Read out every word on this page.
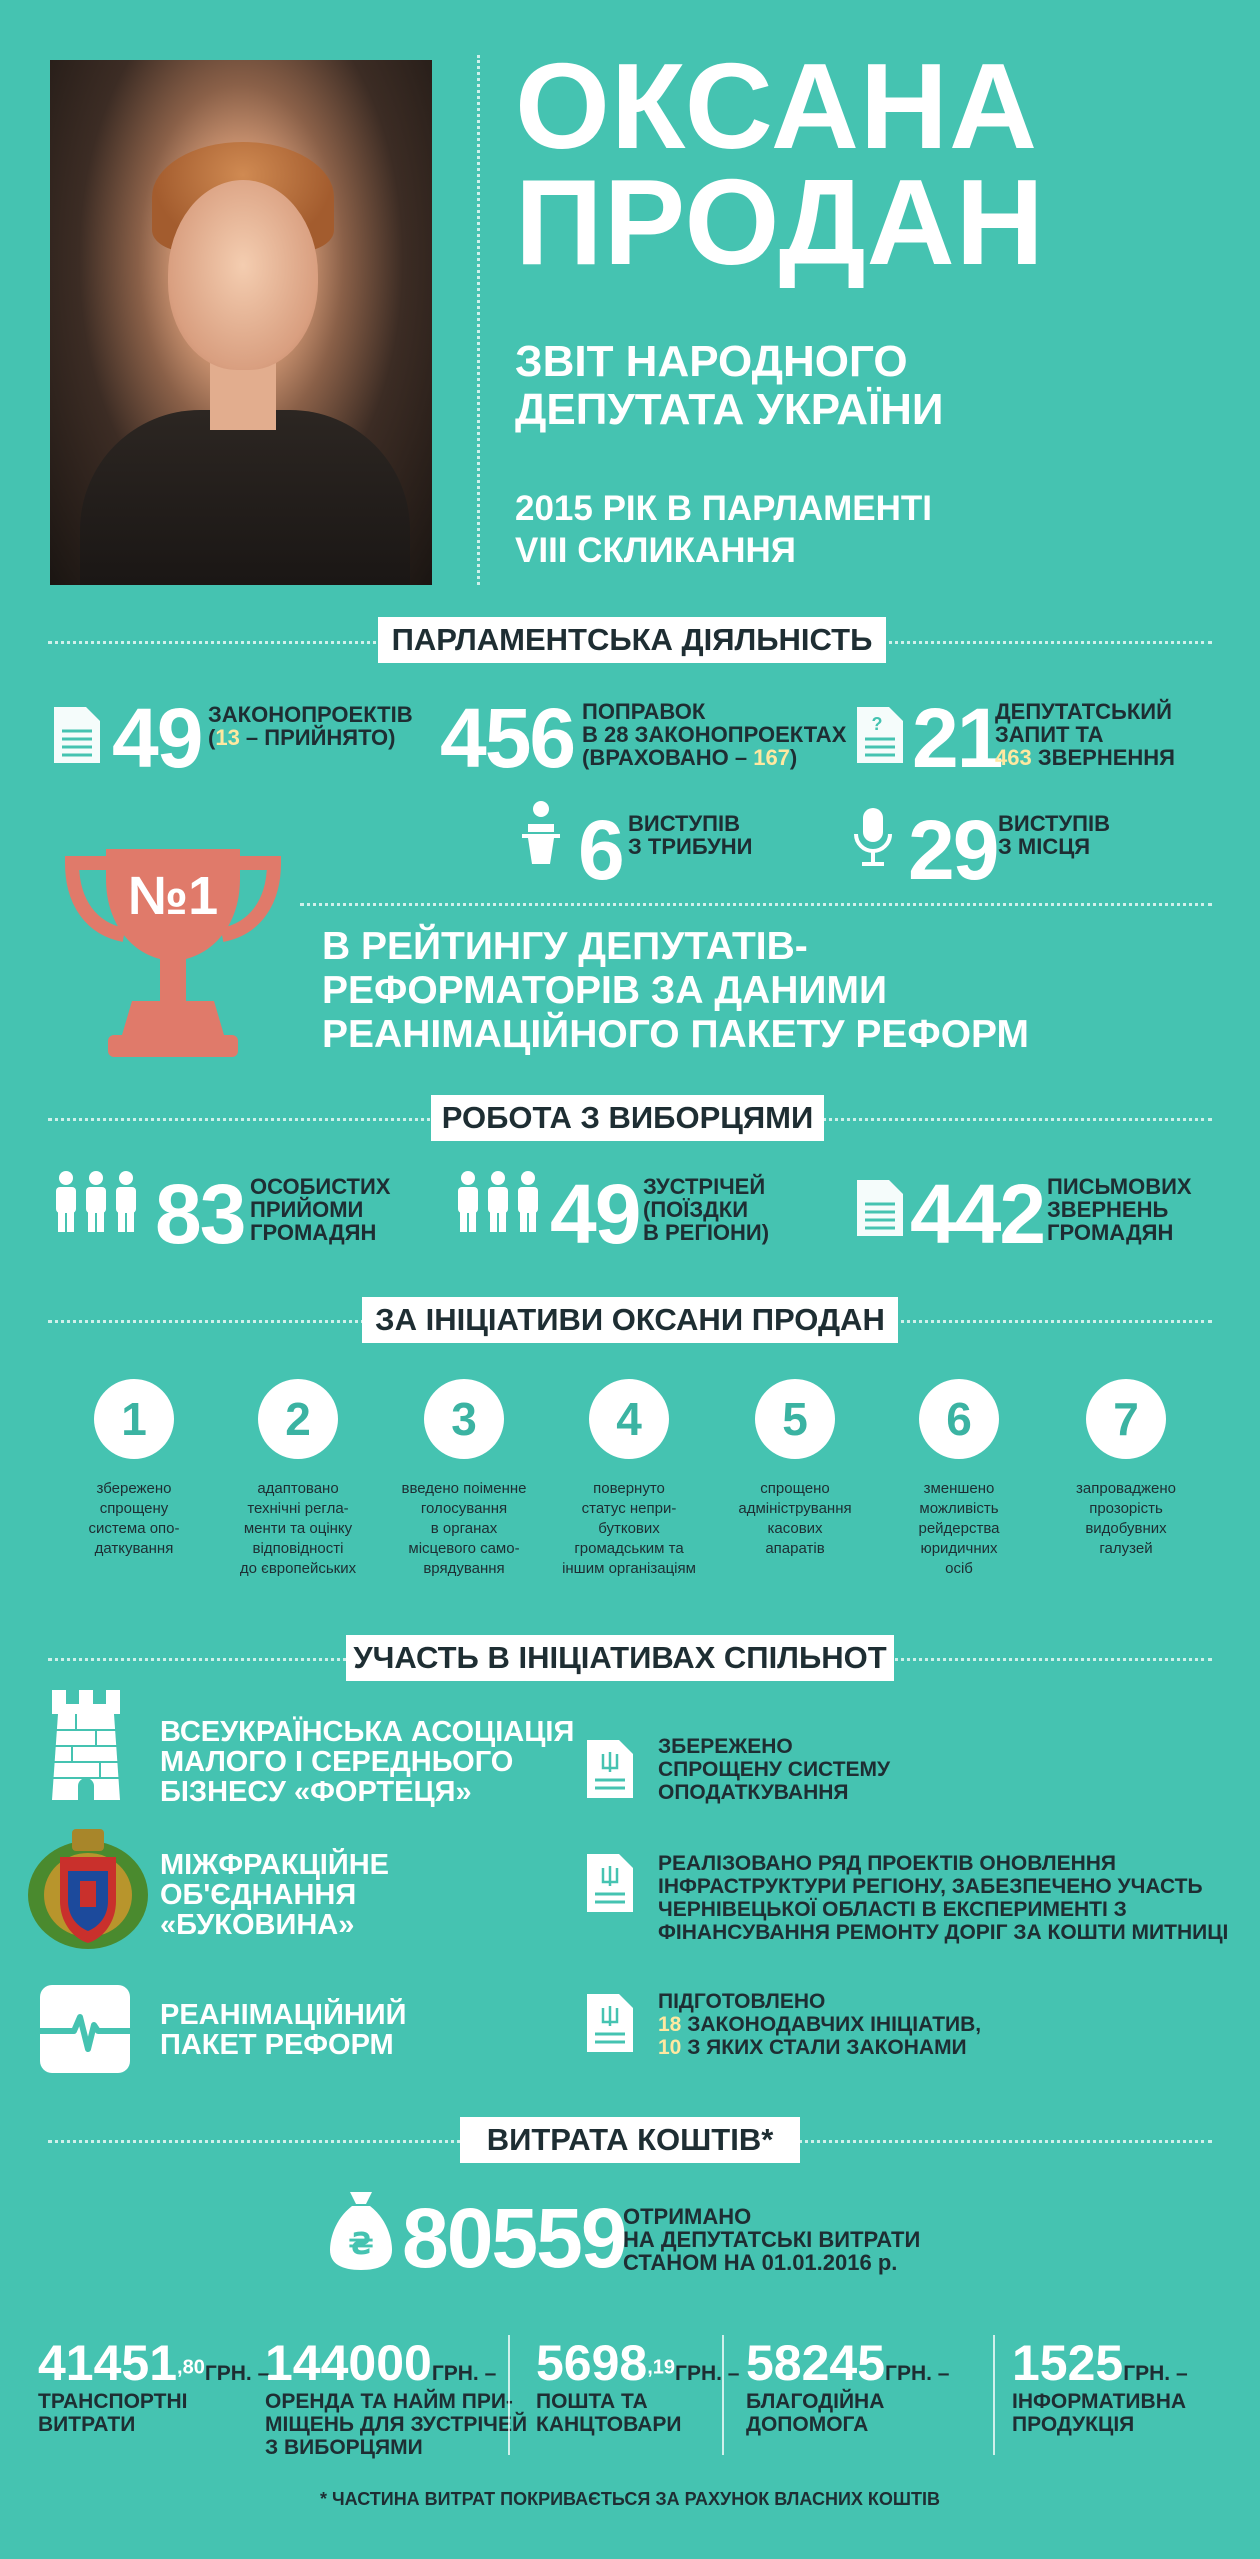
ОКСАНА
ПРОДАН
ЗВІТ НАРОДНОГО
ДЕПУТАТА УКРАЇНИ
2015 РІК В ПАРЛАМЕНТІ
VIII СКЛИКАННЯ
ПАРЛАМЕНТСЬКА ДІЯЛЬНІСТЬ
49 ЗАКОНОПРОЕКТІВ
(13 – ПРИЙНЯТО) 456 ПОПРАВОК
В 28 ЗАКОНОПРОЕКТАХ
(ВРАХОВАНО – 167)
? 21
ДЕПУТАТСЬКИЙ
ЗАПИТ ТА
463 ЗВЕРНЕННЯ
6 ВИСТУПІВ
З ТРИБУНИ 29 ВИСТУПІВ
З МІСЦЯ
№1
В РЕЙТИНГУ ДЕПУТАТІВ-
РЕФОРМАТОРІВ ЗА ДАНИМИ
РЕАНІМАЦІЙНОГО ПАКЕТУ РЕФОРМ
РОБОТА З ВИБОРЦЯМИ
83 ОСОБИСТИХ
ПРИЙОМИ
ГРОМАДЯН 49 ЗУСТРІЧЕЙ
(ПОЇЗДКИ
В РЕГІОНИ) 442 ПИСЬМОВИХ
ЗВЕРНЕНЬ
ГРОМАДЯН
ЗА ІНІЦІАТИВИ ОКСАНИ ПРОДАН
1
збережено
спрощену
система опо-
даткування
2
адаптовано
технічні регла-
менти та оцінку
відповідності
до європейських
3
введено поіменне
голосування
в органах
місцевого само-
врядування
4
повернуто
статус непри-
буткових
громадським та
іншим організаціям
5
спрощено
адміністрування
касових
апаратів
6
зменшено
можливість
рейдерства
юридичних
осіб
7
запроваджено
прозорість
видобувних
галузей
УЧАСТЬ В ІНІЦІАТИВАХ СПІЛЬНОТ
ВСЕУКРАЇНСЬКА АСОЦІАЦІЯ
МАЛОГО І СЕРЕДНЬОГО
БІЗНЕСУ «ФОРТЕЦЯ»
МІЖФРАКЦІЙНЕ
ОБ'ЄДНАННЯ
«БУКОВИНА»
РЕАНІМАЦІЙНИЙ
ПАКЕТ РЕФОРМ
ЗБЕРЕЖЕНО
СПРОЩЕНУ СИСТЕМУ
ОПОДАТКУВАННЯ
РЕАЛІЗОВАНО РЯД ПРОЕКТІВ ОНОВЛЕННЯ
ІНФРАСТРУКТУРИ РЕГІОНУ, ЗАБЕЗПЕЧЕНО УЧАСТЬ
ЧЕРНІВЕЦЬКОЇ ОБЛАСТІ В ЕКСПЕРИМЕНТІ З
ФІНАНСУВАННЯ РЕМОНТУ ДОРІГ ЗА КОШТИ МИТНИЦІ
ПІДГОТОВЛЕНО
18 ЗАКОНОДАВЧИХ ІНІЦІАТИВ,
10 З ЯКИХ СТАЛИ ЗАКОНАМИ
ВИТРАТА КОШТІВ*
₴ 80559
ОТРИМАНО
НА ДЕПУТАТСЬКІ ВИТРАТИ
СТАНОМ НА 01.01.2016 р.
$41451^{,80}ГРН$. –
ТРАНСПОРТНІ
ВИТРАТИ
144000ГРН. –
ОРЕНДА ТА НАЙМ ПРИ-
МІЩЕНЬ ДЛЯ ЗУСТРІЧЕЙ
З ВИБОРЦЯМИ
$5698^{,19}ГРН$. –
ПОШТА ТА
КАНЦТОВАРИ
58245ГРН. –
БЛАГОДІЙНА
ДОПОМОГА
1525ГРН. –
ІНФОРМАТИВНА
ПРОДУКЦІЯ
* ЧАСТИНА ВИТРАТ ПОКРИВАЄТЬСЯ ЗА РАХУНОК ВЛАСНИХ КОШТІВ
